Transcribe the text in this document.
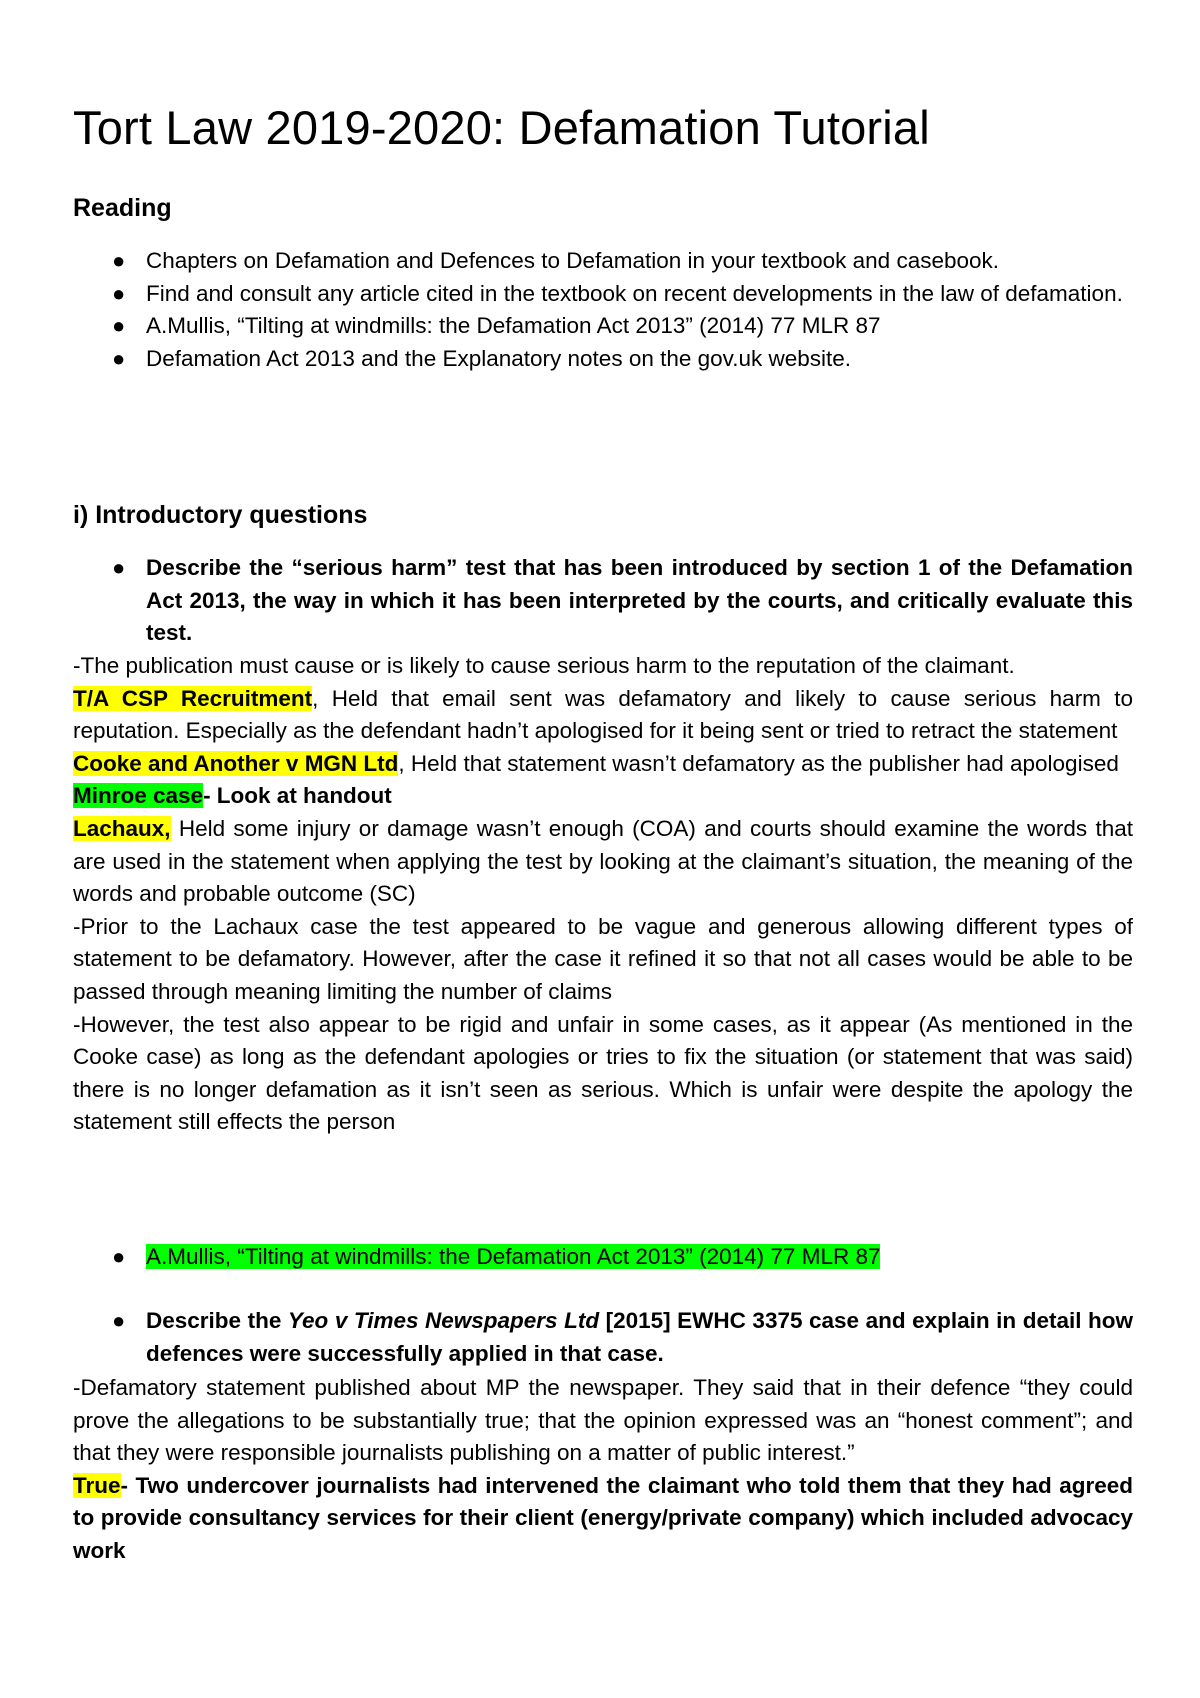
Tort Law 2019-2020: Defamation Tutorial
Reading
● Chapters on Defamation and Defences to Defamation in your textbook and casebook.
● Find and consult any article cited in the textbook on recent developments in the law of defamation.
● A.Mullis, “Tilting at windmills: the Defamation Act 2013” (2014) 77 MLR 87
● Defamation Act 2013 and the Explanatory notes on the gov.uk website.
i) Introductory questions
● Describe the “serious harm” test that has been introduced by section 1 of the Defamation Act 2013, the way in which it has been interpreted by the courts, and critically evaluate this test.

-The publication must cause or is likely to cause serious harm to the reputation of the claimant.

T/A CSP Recruitment, Held that email sent was defamatory and likely to cause serious harm to reputation. Especially as the defendant hadn’t apologised for it being sent or tried to retract the statement

Cooke and Another v MGN Ltd, Held that statement wasn’t defamatory as the publisher had apologised

Minroe case- Look at handout

Lachaux, Held some injury or damage wasn’t enough (COA) and courts should examine the words that are used in the statement when applying the test by looking at the claimant’s situation, the meaning of the words and probable outcome (SC)

-Prior to the Lachaux case the test appeared to be vague and generous allowing different types of statement to be defamatory. However, after the case it refined it so that not all cases would be able to be passed through meaning limiting the number of claims

-However, the test also appear to be rigid and unfair in some cases, as it appear (As mentioned in the Cooke case) as long as the defendant apologies or tries to fix the situation (or statement that was said) there is no longer defamation as it isn’t seen as serious. Which is unfair were despite the apology the statement still effects the person

● A.Mullis, “Tilting at windmills: the Defamation Act 2013” (2014) 77 MLR 87
● Describe the Yeo v Times Newspapers Ltd [2015] EWHC 3375 case and explain in detail how defences were successfully applied in that case.

-Defamatory statement published about MP the newspaper. They said that in their defence “they could prove the allegations to be substantially true; that the opinion expressed was an “honest comment”; and that they were responsible journalists publishing on a matter of public interest.”

True- Two undercover journalists had intervened the claimant who told them that they had agreed to provide consultancy services for their client (energy/private company) which included advocacy work
